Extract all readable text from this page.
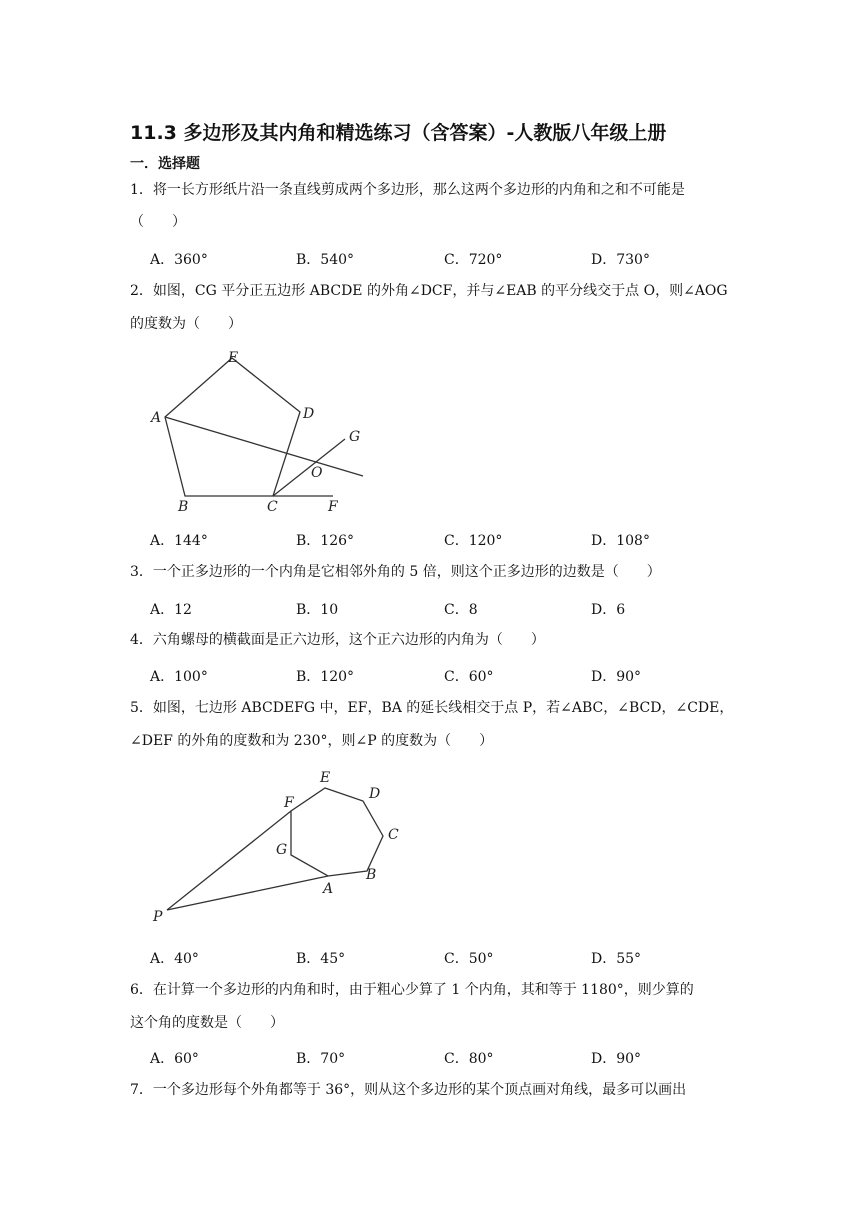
11.3 多边形及其内角和精选练习（含答案）-人教版八年级上册
一．选择题
1．将一长方形纸片沿一条直线剪成两个多边形，那么这两个多边形的内角和之和不可能是
（　　）
A．360°	B．540°	C．720°	D．730°
2．如图，CG 平分正五边形 ABCDE 的外角∠DCF，并与∠EAB 的平分线交于点 O，则∠AOG
的度数为（　　）
E
A	D
G
O
B	C	F
A．144°	B．126°	C．120°	D．108°
3．一个正多边形的一个内角是它相邻外角的 5 倍，则这个正多边形的边数是（　　）
A．12	B．10	C．8	D．6
4．六角螺母的横截面是正六边形，这个正六边形的内角为（　　）
A．100°	B．120°	C．60°	D．90°
5．如图，七边形 ABCDEFG 中，EF，BA 的延长线相交于点 P，若∠ABC，∠BCD，∠CDE，
∠DEF 的外角的度数和为 230°，则∠P 的度数为（　　）
E
D
F
C
G
A
B
P
A．40°	B．45°	C．50°	D．55°
6．在计算一个多边形的内角和时，由于粗心少算了 1 个内角，其和等于 1180°，则少算的
这个角的度数是（　　）
A．60°	B．70°	C．80°	D．90°
7．一个多边形每个外角都等于 36°，则从这个多边形的某个顶点画对角线，最多可以画出
